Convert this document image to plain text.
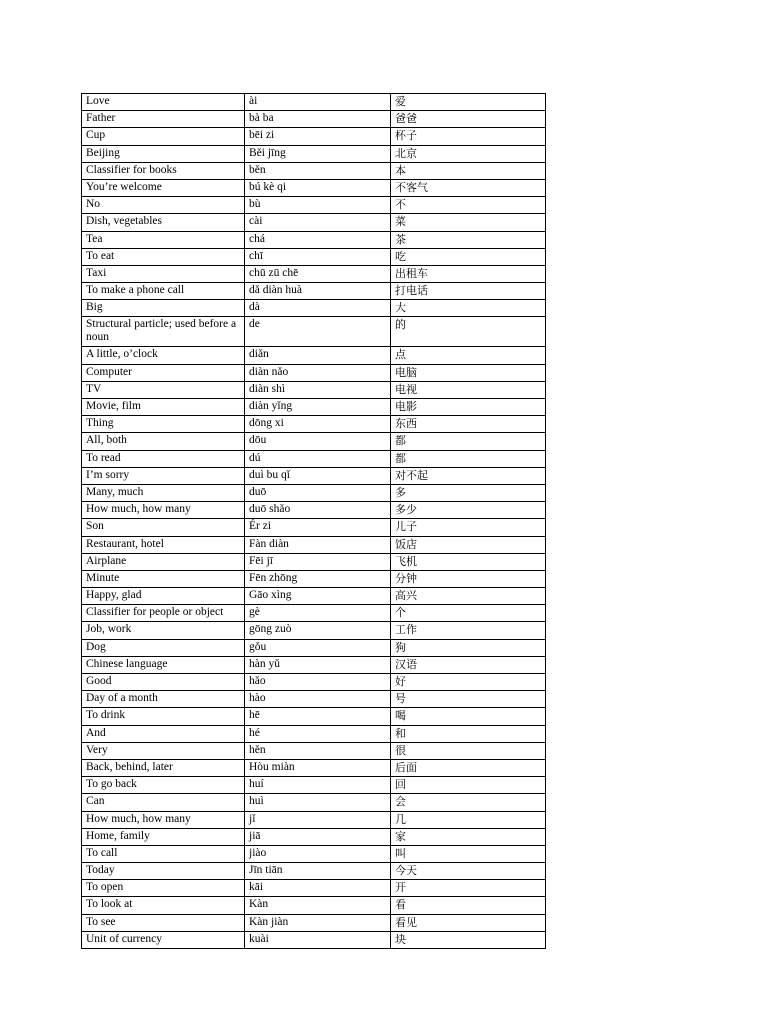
Love	ài	爱
Father	bà ba	爸爸
Cup	bēi zi	杯子
Beijing	Běi jīng	北京
Classifier for books	běn	本
You’re welcome	bú kè qi	不客气
No	bù	不
Dish, vegetables	cài	菜
Tea	chá	茶
To eat	chī	吃
Taxi	chū zū chē	出租车
To make a phone call	dǎ diàn huà	打电话
Big	dà	大
Structural particle; used before a noun	de	的
A little, o’clock	diǎn	点
Computer	diàn nǎo	电脑
TV	diàn shì	电视
Movie, film	diàn yǐng	电影
Thing	dōng xi	东西
All, both	dōu	都
To read	dú	都
I’m sorry	duì bu qǐ	对不起
Many, much	duō	多
How much, how many	duō shǎo	多少
Son	Ér zi	儿子
Restaurant, hotel	Fàn diàn	饭店
Airplane	Fēi jī	飞机
Minute	Fēn zhōng	分钟
Happy, glad	Gāo xìng	高兴
Classifier for people or object	gè	个
Job, work	gōng zuò	工作
Dog	gǒu	狗
Chinese language	hàn yǔ	汉语
Good	hǎo	好
Day of a month	hào	号
To drink	hē	喝
And	hé	和
Very	hěn	很
Back, behind, later	Hòu miàn	后面
To go back	huí	回
Can	huì	会
How much, how many	jǐ	几
Home, family	jiā	家
To call	jiào	叫
Today	Jīn tiān	今天
To open	kāi	开
To look at	Kàn	看
To see	Kàn jiàn	看见
Unit of currency	kuài	块
